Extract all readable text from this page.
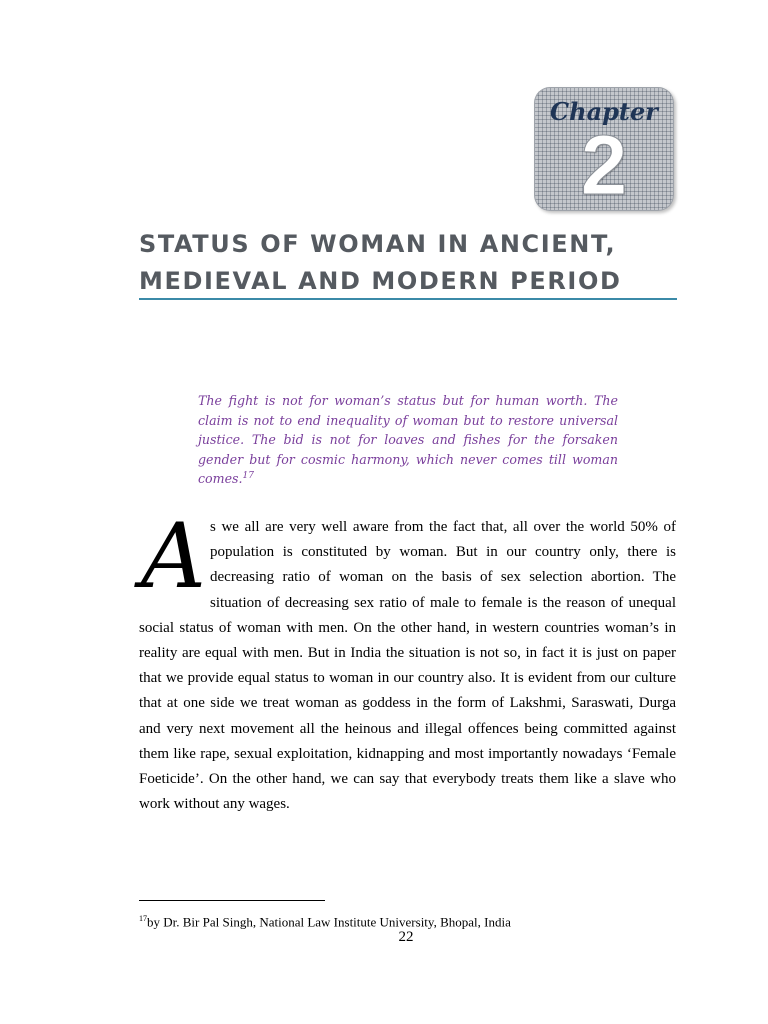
Chapter
2
STATUS OF WOMAN IN ANCIENT,
MEDIEVAL AND MODERN PERIOD
The fight is not for woman’s status but for human worth. The claim is not to end inequality of woman but to restore universal justice. The bid is not for loaves and fishes for the forsaken gender but for cosmic harmony, which never comes till woman comes.$^{17}$

As we all are very well aware from the fact that, all over the world 50% of population is constituted by woman. But in our country only, there is decreasing ratio of woman on the basis of sex selection abortion. The situation of decreasing sex ratio of male to female is the reason of unequal social status of woman with men. On the other hand, in western countries woman’s in reality are equal with men. But in India the situation is not so, in fact it is just on paper that we provide equal status to woman in our country also. It is evident from our culture that at one side we treat woman as goddess in the form of Lakshmi, Saraswati, Durga and very next movement all the heinous and illegal offences being committed against them like rape, sexual exploitation, kidnapping and most importantly nowadays ‘Female Foeticide’. On the other hand, we can say that everybody treats them like a slave who work without any wages.

$^{17}$by Dr. Bir Pal Singh, National Law Institute University, Bhopal, India
22
